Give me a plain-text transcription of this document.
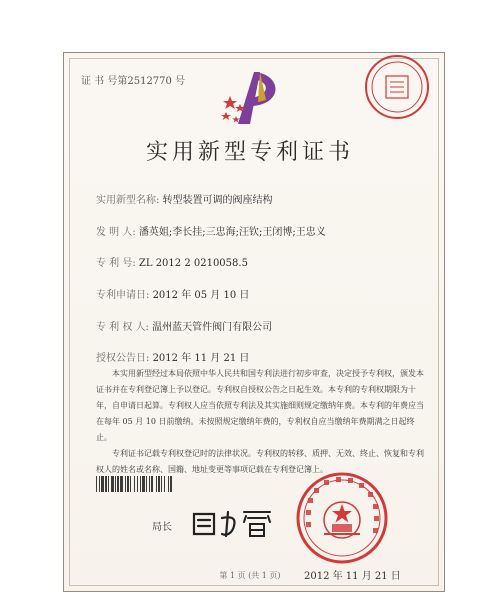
证 书 号第2512770 号
实用新型专利证书
实用新型名称: 转型装置可调的阀座结构
发 明 人: 潘英姐;李长挂;三忠海;汪钦;王闭博;王忠义
专 利 号: ZL 2012 2 0210058.5
专利申请日: 2012 年 05 月 10 日
专 利 权 人: 温州蓝天管件阀门有限公司
授权公告日: 2012 年 11 月 21 日

本实用新型经过本局依照中华人民共和国专利法进行初步审查，决定授予专利权，颁发本证书并在专利登记簿上予以登记。专利权自授权公告之日起生效。本专利的专利权期限为十年，自申请日起算。专利权人应当依照专利法及其实施细则规定缴纳年费。本专利的年费应当在每年 05 月 10 日前缴纳。未按照规定缴纳年费的，专利权自应当缴纳年费期满之日起终止。

专利证书记载专利权登记时的法律状况。专利权的转移、质押、无效、终止、恢复和专利权人的姓名或名称、国籍、地址变更等事项记载在专利登记簿上。

局长
2012 年 11 月 21 日
第 1 页 (共 1 页)
